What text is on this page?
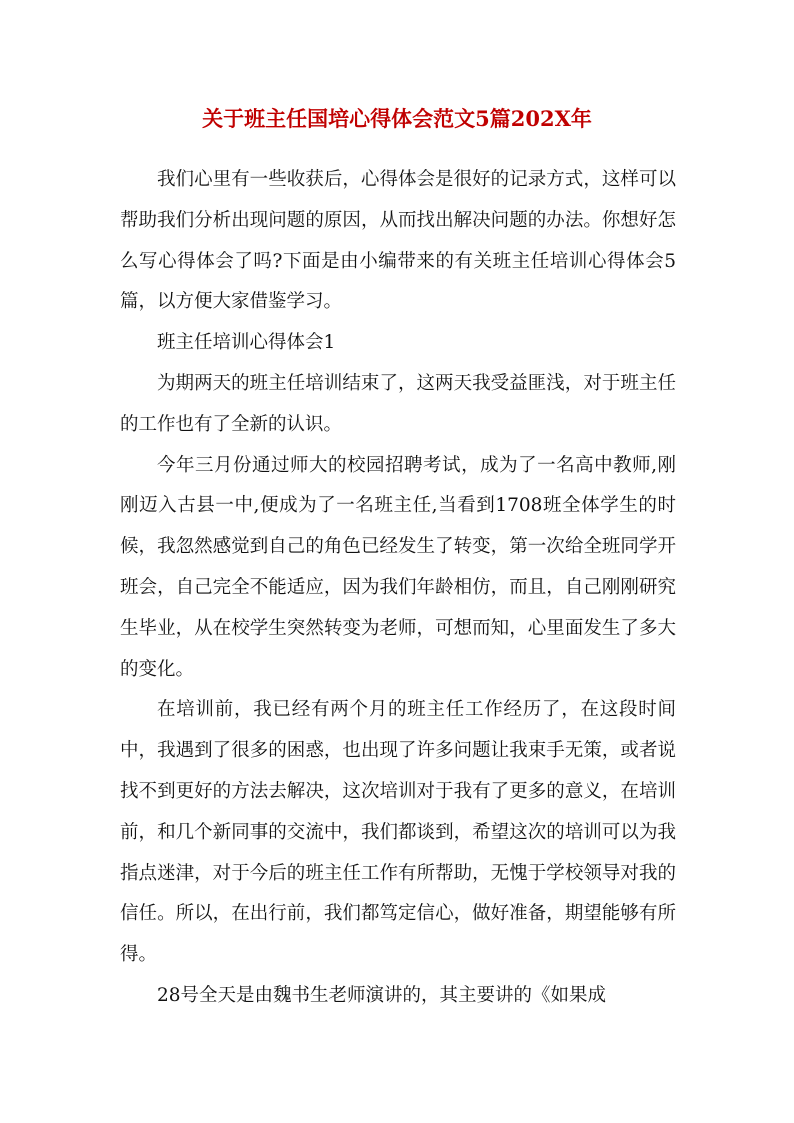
关于班主任国培心得体会范文5篇202X年

我们心里有一些收获后，心得体会是很好的记录方式，这样可以帮助我们分析出现问题的原因，从而找出解决问题的办法。你想好怎么写心得体会了吗?下面是由小编带来的有关班主任培训心得体会5篇，以方便大家借鉴学习。

班主任培训心得体会1

为期两天的班主任培训结束了，这两天我受益匪浅，对于班主任的工作也有了全新的认识。

今年三月份通过师大的校园招聘考试，成为了一名高中教师,刚刚迈入古县一中,便成为了一名班主任,当看到1708班全体学生的时候，我忽然感觉到自己的角色已经发生了转变，第一次给全班同学开班会，自己完全不能适应，因为我们年龄相仿，而且，自己刚刚研究生毕业，从在校学生突然转变为老师，可想而知，心里面发生了多大的变化。

在培训前，我已经有两个月的班主任工作经历了，在这段时间中，我遇到了很多的困惑，也出现了许多问题让我束手无策，或者说找不到更好的方法去解决，这次培训对于我有了更多的意义，在培训前，和几个新同事的交流中，我们都谈到，希望这次的培训可以为我指点迷津，对于今后的班主任工作有所帮助，无愧于学校领导对我的信任。所以，在出行前，我们都笃定信心，做好准备，期望能够有所得。

28号全天是由魏书生老师演讲的，其主要讲的《如果成
